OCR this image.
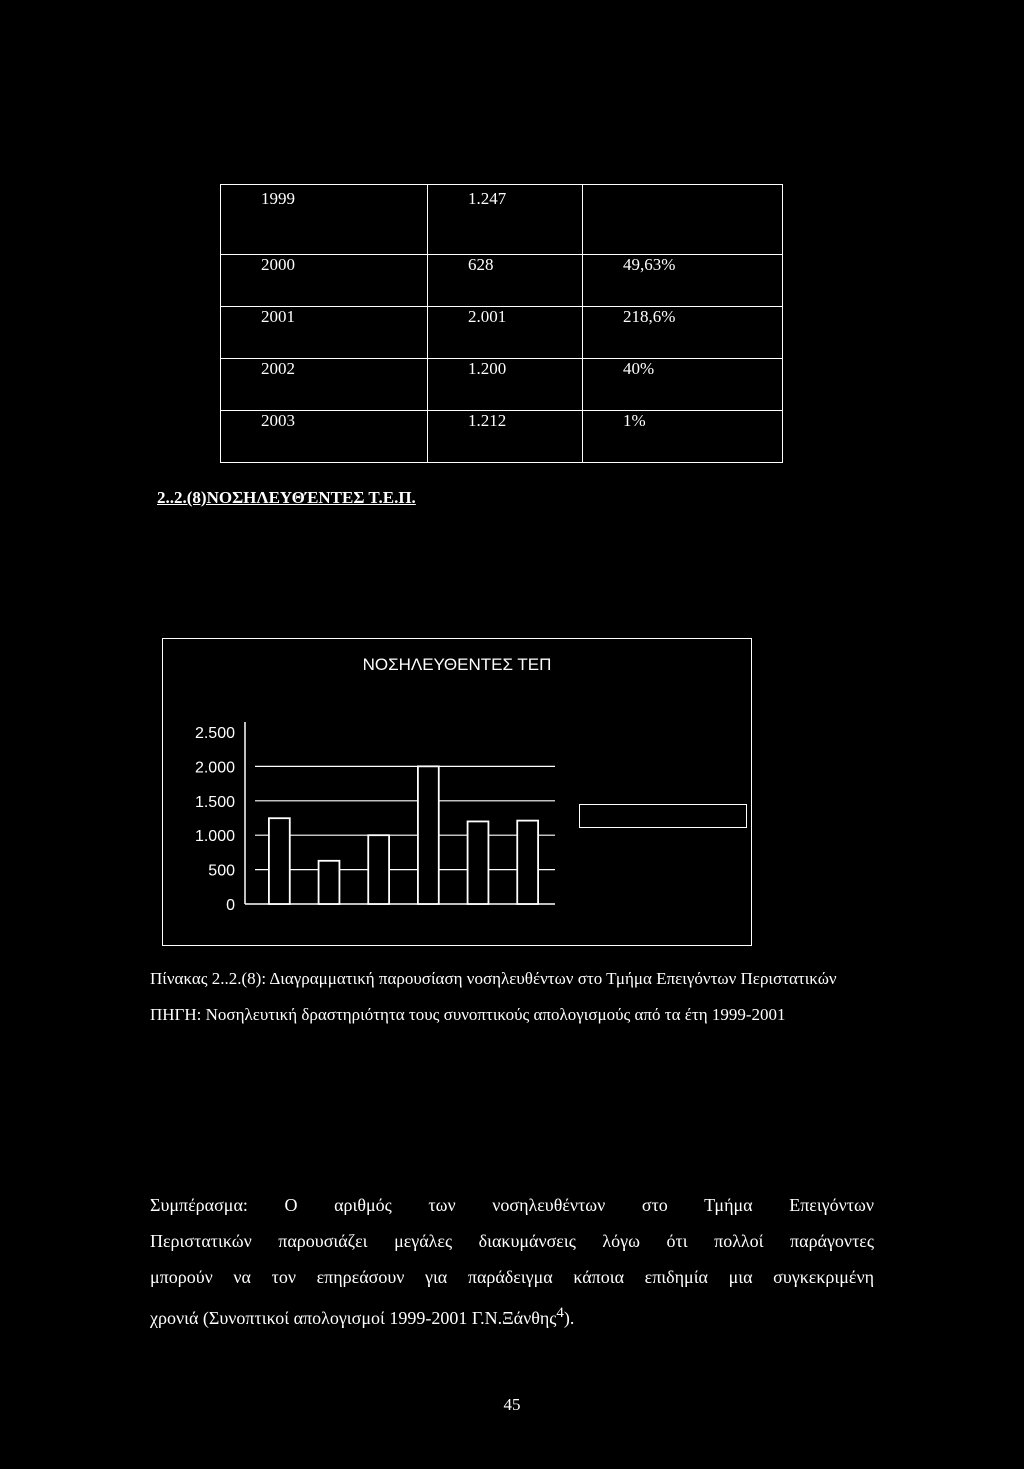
1999	1.247	
2000	628	49,63%
2001	2.001	218,6%
2002	1.200	40%
2003	1.212	1%
2..2.(8)ΝΟΣΗΛΕΥΘΈΝΤΕΣ Τ.Ε.Π.
ΝΟΣΗΛΕΥΘΕΝΤΕΣ ΤΕΠ
0
500
1.000
1.500
2.000
2.500

Πίνακας 2..2.(8): Διαγραμματική παρουσίαση νοσηλευθέντων στο Τμήμα Επειγόντων Περιστατικών

ΠΗΓΗ: Νοσηλευτική δραστηριότητα τους συνοπτικούς απολογισμούς από τα έτη 1999-2001

Συμπέρασμα: Ο αριθμός των νοσηλευθέντων στο Τμήμα Επειγόντων
Περιστατικών παρουσιάζει μεγάλες διακυμάνσεις λόγω ότι πολλοί παράγοντες
μπορούν να τον επηρεάσουν για παράδειγμα κάποια επιδημία μια συγκεκριμένη
χρονιά (Συνοπτικοί απολογισμοί 1999-2001 Γ.Ν.Ξάνθης$^4$).
45
